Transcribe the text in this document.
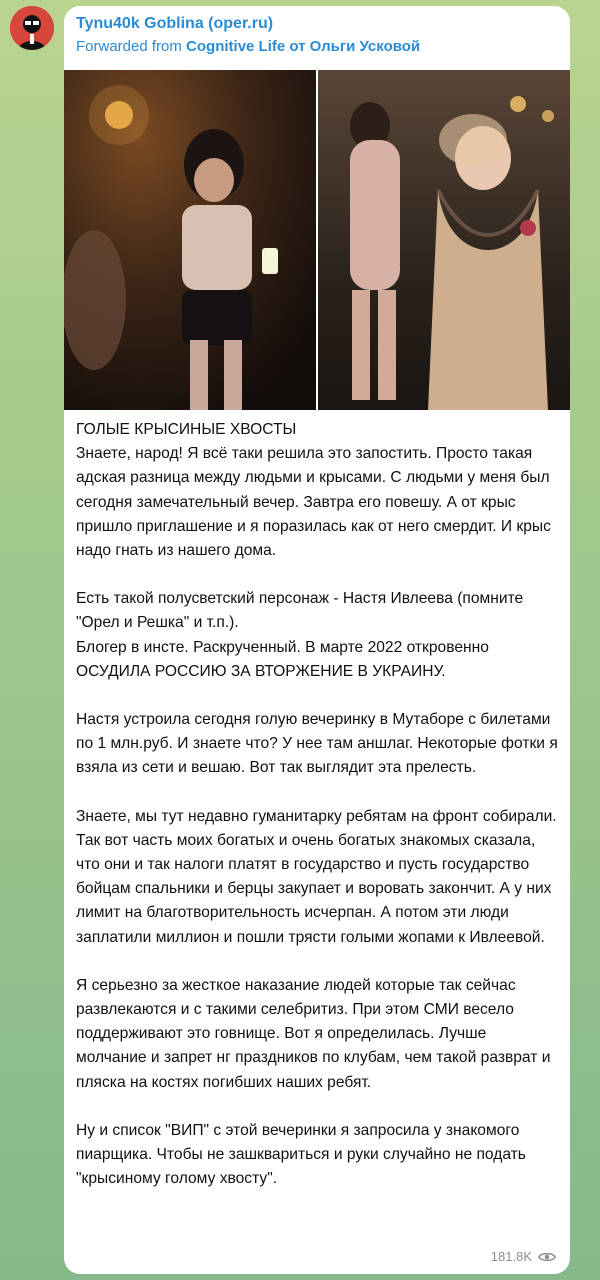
Tynu40k Goblina (oper.ru)
Forwarded from Cognitive Life от Ольги Усковой

ГОЛЫЕ КРЫСИНЫЕ ХВОСТЫ
Знаете, народ! Я всё таки решила это запостить. Просто такая адская разница между людьми и крысами. С людьми у меня был сегодня замечательный вечер. Завтра его повешу. А от крыс пришло приглашение и я поразилась как от него смердит. И крыс надо гнать из нашего дома.

Есть такой полусветский персонаж - Настя Ивлеева (помните "Орел и Решка" и т.п.).
Блогер в инсте. Раскрученный. В марте 2022 откровенно ОСУДИЛА РОССИЮ ЗА ВТОРЖЕНИЕ В УКРАИНУ.

Настя устроила сегодня голую вечеринку в Мутаборе с билетами по 1 млн.руб. И знаете что? У нее там аншлаг. Некоторые фотки я взяла из сети и вешаю. Вот так выглядит эта прелесть.

Знаете, мы тут недавно гуманитарку ребятам на фронт собирали. Так вот часть моих богатых и очень богатых знакомых сказала, что они и так налоги платят в государство и пусть государство бойцам спальники и берцы закупает и воровать закончит. А у них лимит на благотворительность исчерпан. А потом эти люди заплатили миллион и пошли трясти голыми жопами к Ивлеевой.

Я серьезно за жесткое наказание людей которые так сейчас развлекаются и с такими селебритиз. При этом СМИ весело поддерживают это говнище. Вот я определилась. Лучше молчание и запрет нг праздников по клубам, чем такой разврат и пляска на костях погибших наших ребят.

Ну и список "ВИП" с этой вечеринки я запросила у знакомого пиарщика. Чтобы не зашквариться и руки случайно не подать "крысиному голому хвосту".

181.8K
